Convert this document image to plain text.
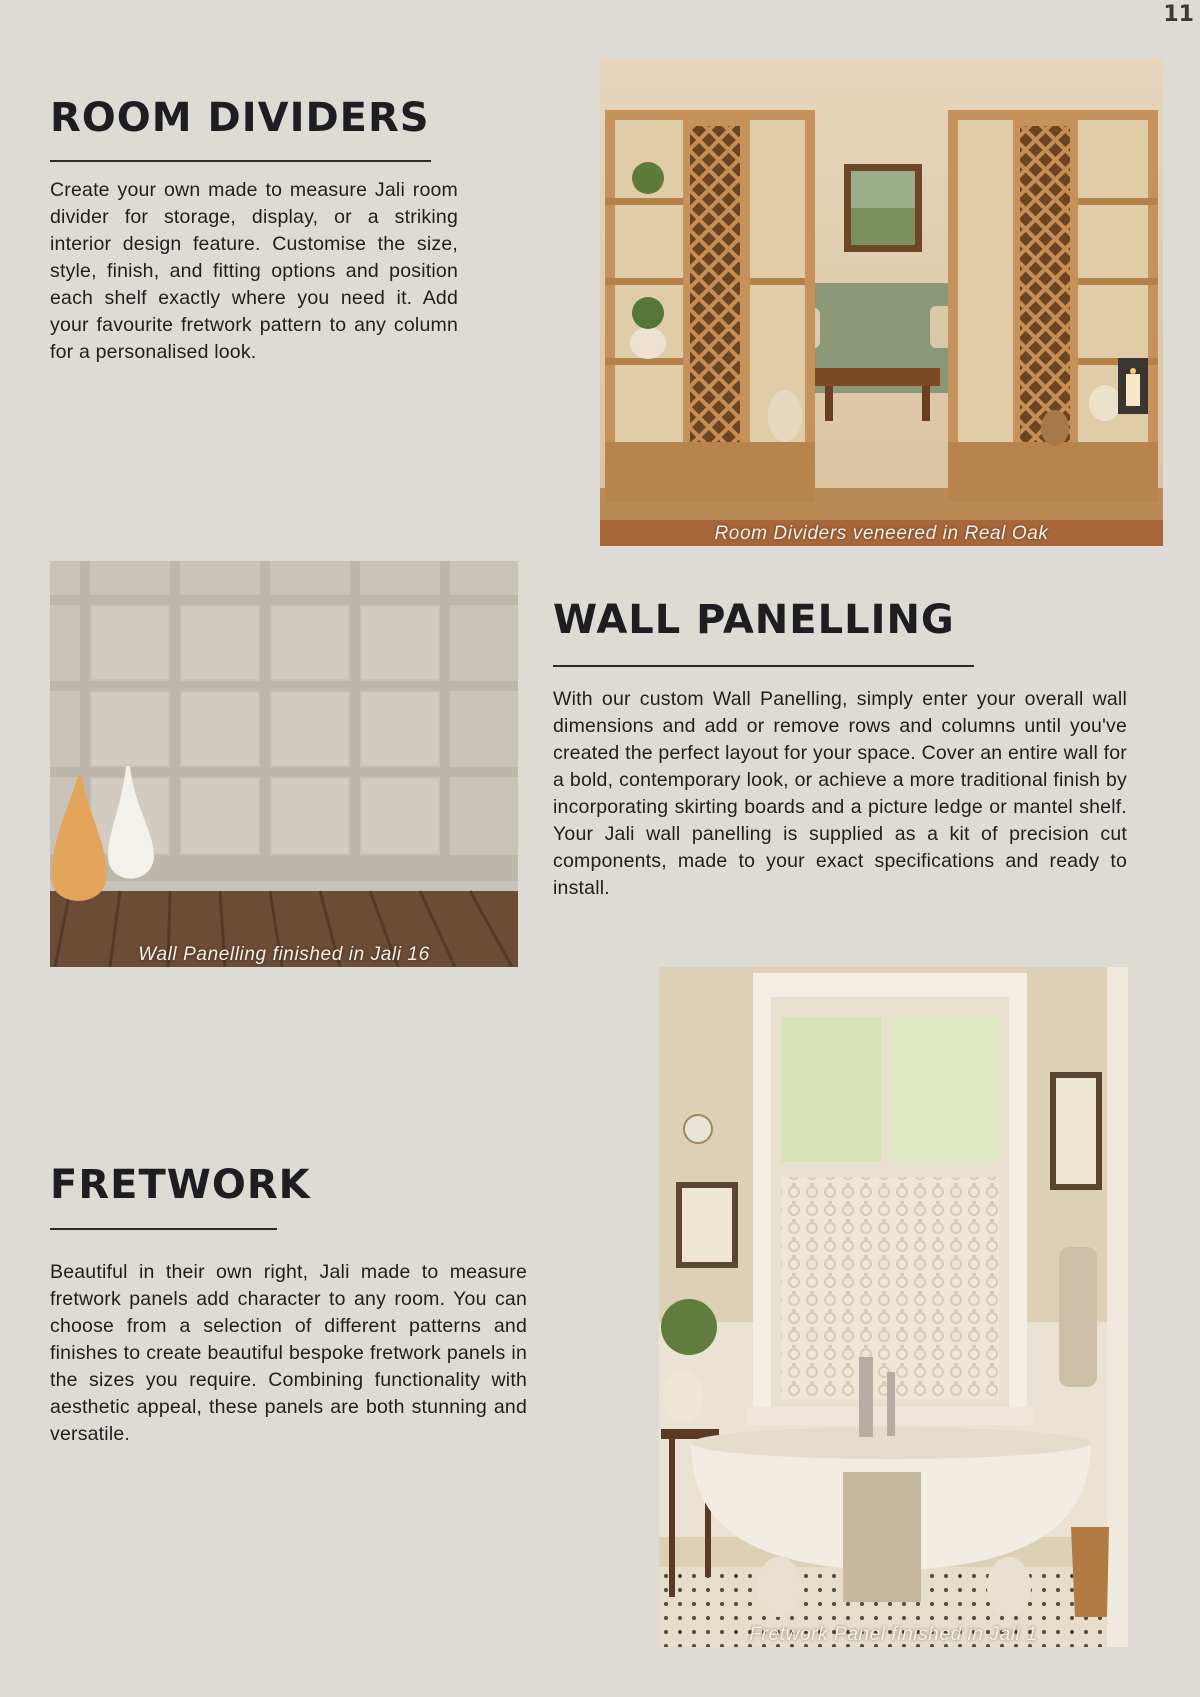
11
ROOM DIVIDERS

Create your own made to measure Jali room divider for storage, display, or a striking interior design feature. Customise the size, style, finish, and fitting options and position each shelf exactly where you need it. Add your favourite fretwork pattern to any column for a personalised look.

Room Dividers veneered in Real Oak
Wall Panelling finished in Jali 16
WALL PANELLING

With our custom Wall Panelling, simply enter your overall wall dimensions and add or remove rows and columns until you've created the perfect layout for your space. Cover an entire wall for a bold, contemporary look, or achieve a more traditional finish by incorporating skirting boards and a picture ledge or mantel shelf. Your Jali wall panelling is supplied as a kit of precision cut components, made to your exact specifications and ready to install.

FRETWORK

Beautiful in their own right, Jali made to measure fretwork panels add character to any room. You can choose from a selection of different patterns and finishes to create beautiful bespoke fretwork panels in the sizes you require. Combining functionality with aesthetic appeal, these panels are both stunning and versatile.

Fretwork Panel finished in Jali 1
